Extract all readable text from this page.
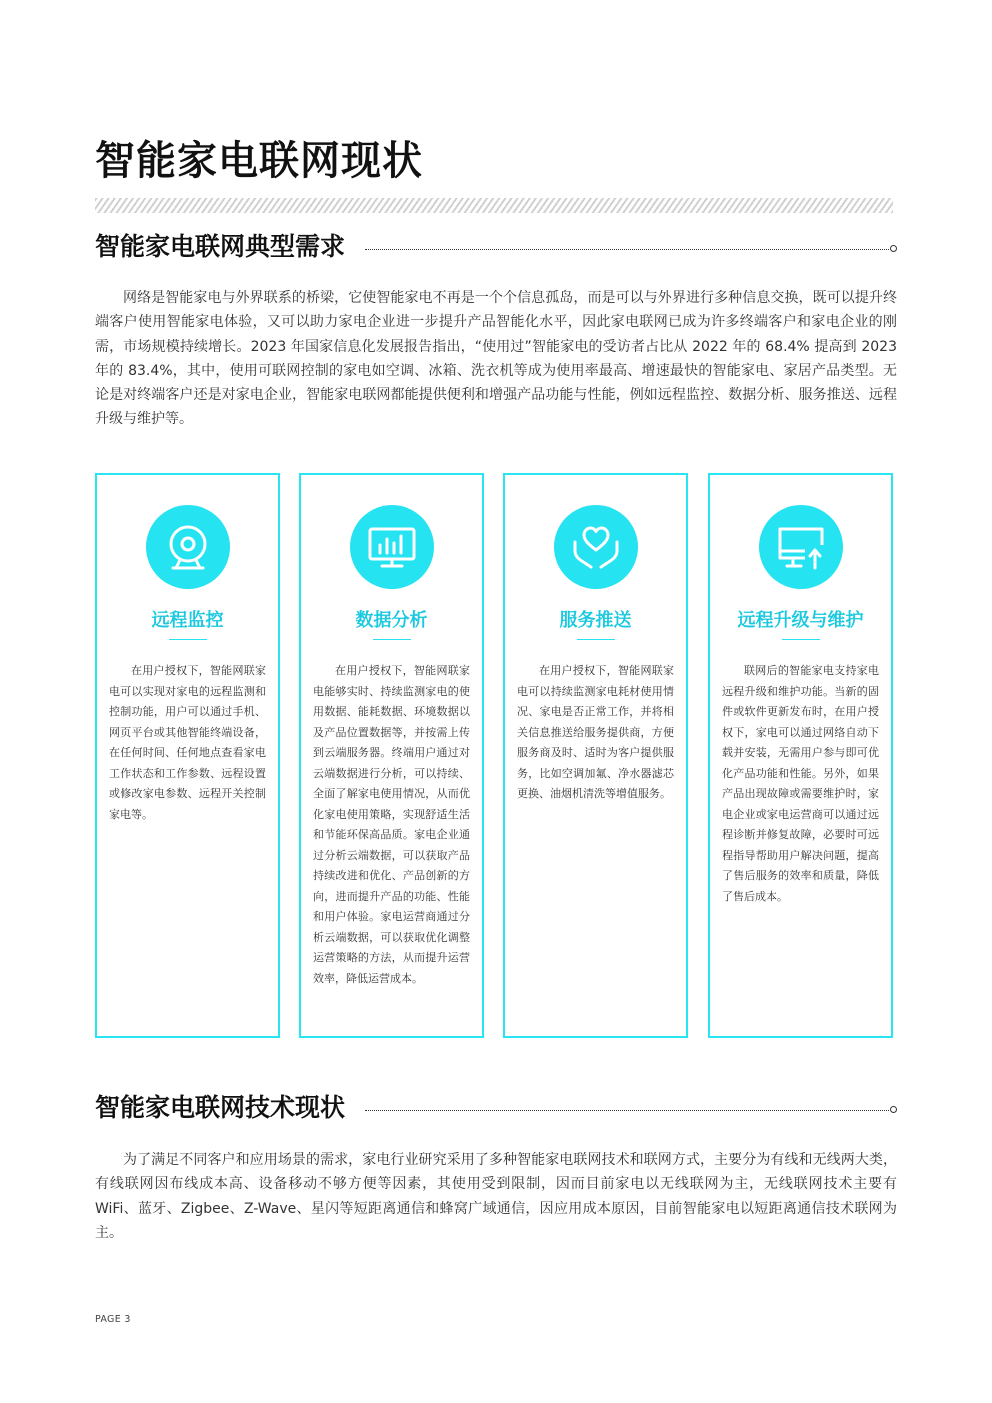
智能家电联网现状
智能家电联网典型需求

网络是智能家电与外界联系的桥梁，它使智能家电不再是一个个信息孤岛，而是可以与外界进行多种信息交换，既可以提升终端客户使用智能家电体验，又可以助力家电企业进一步提升产品智能化水平，因此家电联网已成为许多终端客户和家电企业的刚需，市场规模持续增长。2023 年国家信息化发展报告指出，“使用过”智能家电的受访者占比从 2022 年的 68.4% 提高到 2023 年的 83.4%，其中，使用可联网控制的家电如空调、冰箱、洗衣机等成为使用率最高、增速最快的智能家电、家居产品类型。无论是对终端客户还是对家电企业，智能家电联网都能提供便利和增强产品功能与性能，例如远程监控、数据分析、服务推送、远程升级与维护等。

远程监控

在用户授权下，智能网联家电可以实现对家电的远程监测和控制功能，用户可以通过手机、网页平台或其他智能终端设备，在任何时间、任何地点查看家电工作状态和工作参数、远程设置或修改家电参数、远程开关控制家电等。

数据分析

在用户授权下，智能网联家电能够实时、持续监测家电的使用数据、能耗数据、环境数据以及产品位置数据等，并按需上传到云端服务器。终端用户通过对云端数据进行分析，可以持续、全面了解家电使用情况，从而优化家电使用策略，实现舒适生活和节能环保高品质。家电企业通过分析云端数据，可以获取产品持续改进和优化、产品创新的方向，进而提升产品的功能、性能和用户体验。家电运营商通过分析云端数据，可以获取优化调整运营策略的方法，从而提升运营效率，降低运营成本。

服务推送

在用户授权下，智能网联家电可以持续监测家电耗材使用情况、家电是否正常工作，并将相关信息推送给服务提供商，方便服务商及时、适时为客户提供服务，比如空调加氟、净水器滤芯更换、油烟机清洗等增值服务。

远程升级与维护

联网后的智能家电支持家电远程升级和维护功能。当新的固件或软件更新发布时，在用户授权下，家电可以通过网络自动下载并安装，无需用户参与即可优化产品功能和性能。另外，如果产品出现故障或需要维护时，家电企业或家电运营商可以通过远程诊断并修复故障，必要时可远程指导帮助用户解决问题，提高了售后服务的效率和质量，降低了售后成本。

智能家电联网技术现状

为了满足不同客户和应用场景的需求，家电行业研究采用了多种智能家电联网技术和联网方式，主要分为有线和无线两大类，有线联网因布线成本高、设备移动不够方便等因素，其使用受到限制，因而目前家电以无线联网为主，无线联网技术主要有 WiFi、蓝牙、Zigbee、Z-Wave、星闪等短距离通信和蜂窝广域通信，因应用成本原因，目前智能家电以短距离通信技术联网为主。

PAGE 3
